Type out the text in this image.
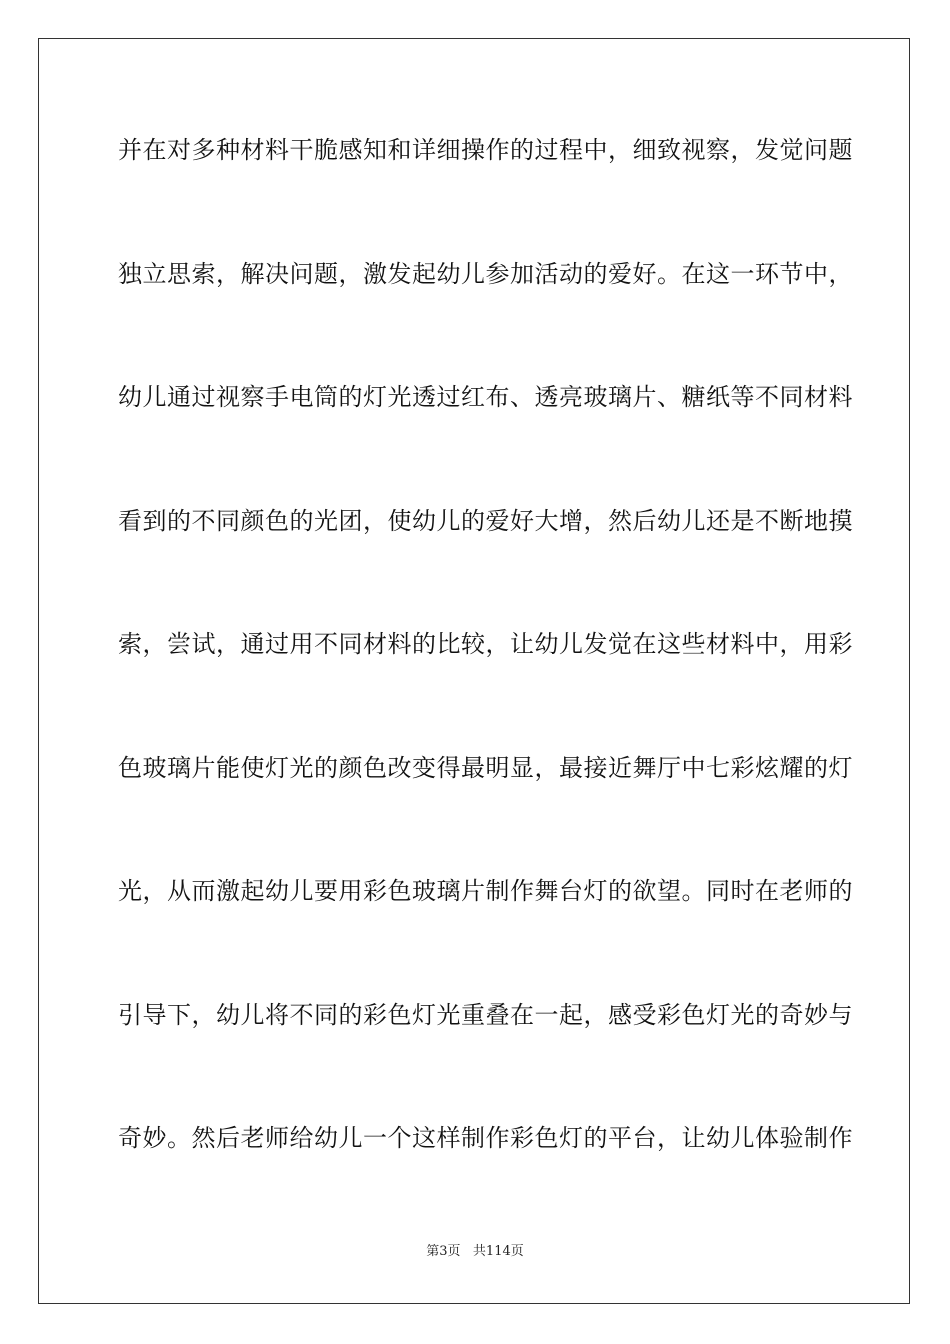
并在对多种材料干脆感知和详细操作的过程中，细致视察，发觉问题
独立思索，解决问题，激发起幼儿参加活动的爱好。在这一环节中，
幼儿通过视察手电筒的灯光透过红布、透亮玻璃片、糖纸等不同材料
看到的不同颜色的光团，使幼儿的爱好大增，然后幼儿还是不断地摸
索，尝试，通过用不同材料的比较，让幼儿发觉在这些材料中，用彩
色玻璃片能使灯光的颜色改变得最明显，最接近舞厅中七彩炫耀的灯
光，从而激起幼儿要用彩色玻璃片制作舞台灯的欲望。同时在老师的
引导下，幼儿将不同的彩色灯光重叠在一起，感受彩色灯光的奇妙与
奇妙。然后老师给幼儿一个这样制作彩色灯的平台，让幼儿体验制作
第3页   共114页
